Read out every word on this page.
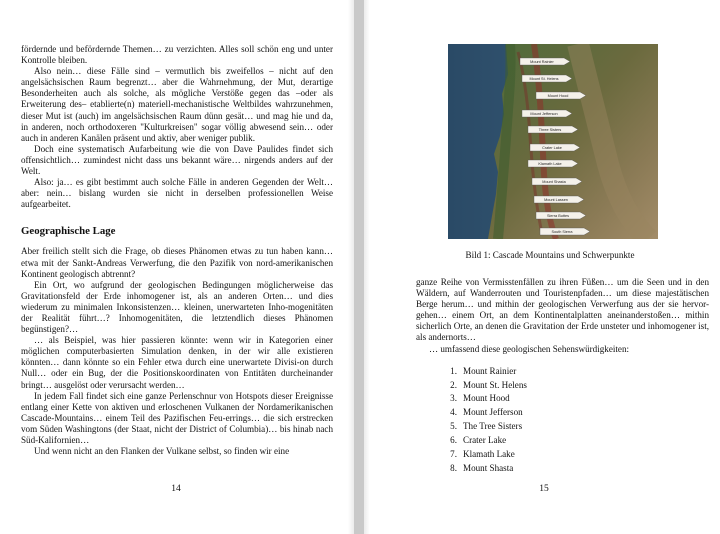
fördernde und befördernde Themen… zu verzichten. Alles soll schön eng und unter Kontrolle bleiben.

Also nein… diese Fälle sind – vermutlich bis zweifellos – nicht auf den angelsächsischen Raum begrenzt… aber die Wahrnehmung, der Mut, derartige Besonderheiten auch als solche, als mögliche Verstöße gegen das –oder als Erweiterung des– etablierte(n) materiell-mechanistische Weltbildes wahrzunehmen, dieser Mut ist (auch) im angelsächsischen Raum dünn gesät… und mag hie und da, in anderen, noch orthodoxeren "Kulturkreisen" sogar völlig abwesend sein… oder auch in anderen Kanälen präsent und aktiv, aber weniger publik.

Doch eine systematisch Aufarbeitung wie die von Dave Paulides findet sich offensichtlich… zumindest nicht dass uns bekannt wäre… nirgends anders auf der Welt.

Also: ja… es gibt bestimmt auch solche Fälle in anderen Gegenden der Welt… aber: nein… bislang wurden sie nicht in derselben professionellen Weise aufgearbeitet.

Geographische Lage

Aber freilich stellt sich die Frage, ob dieses Phänomen etwas zu tun haben kann… etwa mit der Sankt-Andreas Verwerfung, die den Pazifik von nord-amerikanischen Kontinent geologisch abtrennt?

Ein Ort, wo aufgrund der geologischen Bedingungen möglicherweise das Gravitationsfeld der Erde inhomogener ist, als an anderen Orten… und dies wiederum zu minimalen Inkonsistenzen… kleinen, unerwarteten Inho-mogenitäten der Realität führt…? Inhomogenitäten, die letztendlich dieses Phänomen begünstigen?…

… als Beispiel, was hier passieren könnte: wenn wir in Kategorien einer möglichen computerbasierten Simulation denken, in der wir alle existieren könnten… dann könnte so ein Fehler etwa durch eine unerwartete Divisi-on durch Null… oder ein Bug, der die Positionskoordinaten von Entitäten durcheinander bringt… ausgelöst oder verursacht werden…

In jedem Fall findet sich eine ganze Perlenschnur von Hotspots dieser Ereignisse entlang einer Kette von aktiven und erloschenen Vulkanen der Nordamerikanischen Cascade-Mountains… einem Teil des Pazifischen Feu-errings… die sich erstrecken vom Süden Washingtons (der Staat, nicht der District of Columbia)… bis hinab nach Süd-Kalifornien…

Und wenn nicht an den Flanken der Vulkane selbst, so finden wir eine

14
Mount Rainier
Mount St. Helens
Mount Hood
Mount Jefferson
Three Sisters
Crater Lake
Klamath Lake
Mount Shasta
Mount Lassen
Sierra Buttes
South Sierra
Bild 1: Cascade Mountains und Schwerpunkte

ganze Reihe von Vermisstenfällen zu ihren Füßen… um die Seen und in den Wäldern, auf Wanderrouten und Touristenpfaden… um diese majestätischen Berge herum… und mithin der geologischen Verwerfung aus der sie hervor-gehen… einem Ort, an dem Kontinentalplatten aneinanderstoßen… mithin sicherlich Orte, an denen die Gravitation der Erde unsteter und inhomogener ist, als andernorts…

… umfassend diese geologischen Sehenswürdigkeiten:

1. Mount Rainier
2. Mount St. Helens
3. Mount Hood
4. Mount Jefferson
5. The Tree Sisters
6. Crater Lake
7. Klamath Lake
8. Mount Shasta
15
